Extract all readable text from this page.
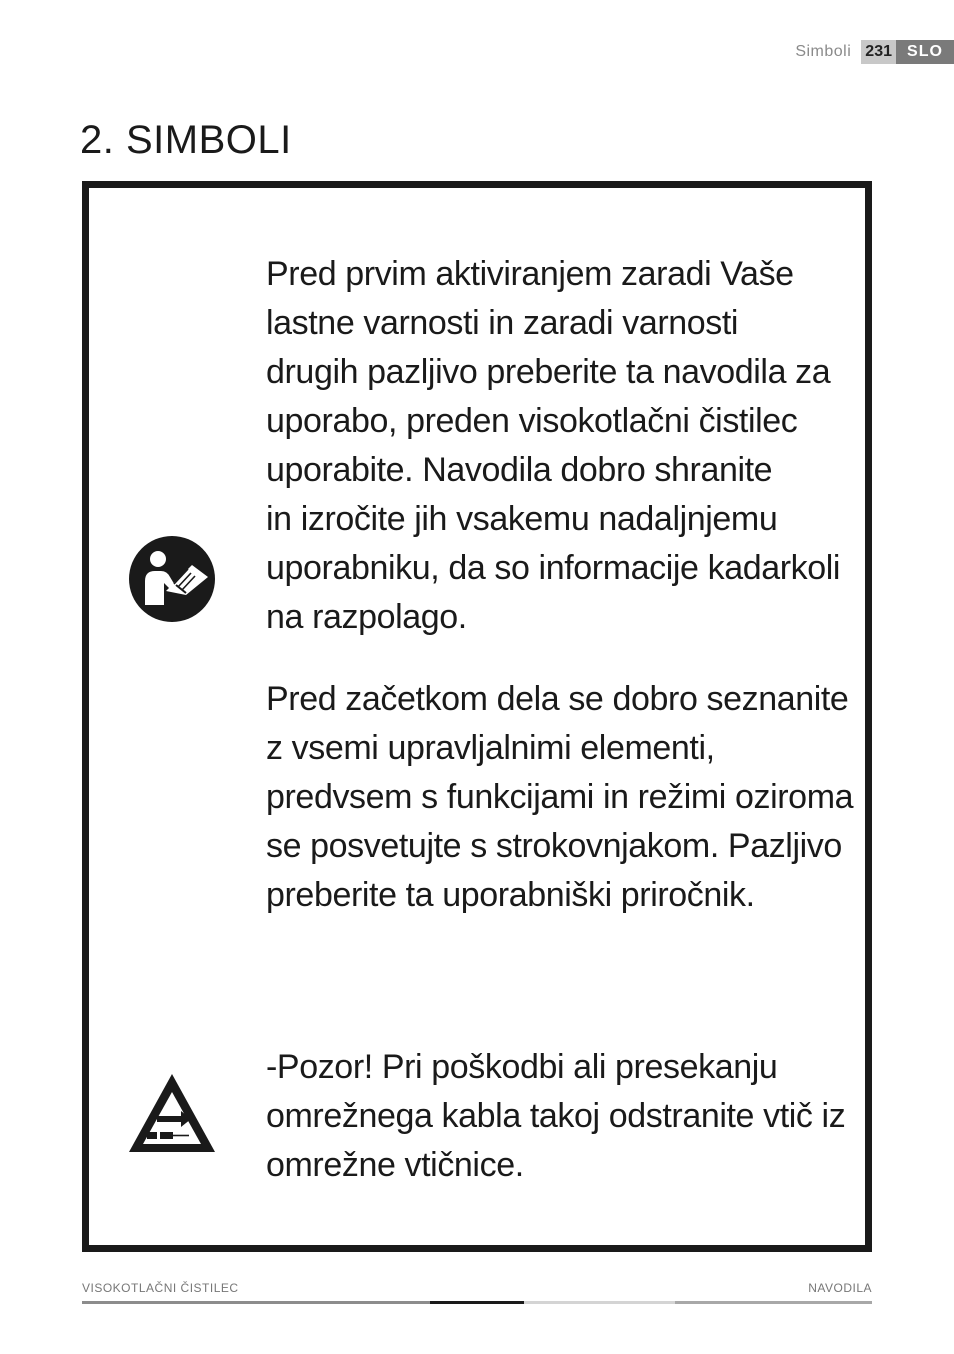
Simboli 231 SLO
2. SIMBOLI

Pred prvim aktiviranjem zaradi Vaše
lastne varnosti in zaradi varnosti
drugih pazljivo preberite ta navodila za
uporabo, preden visokotlačni čistilec
uporabite. Navodila dobro shranite
in izročite jih vsakemu nadaljnjemu
uporabniku, da so informacije kadarkoli
na razpolago.

Pred začetkom dela se dobro seznanite
z vsemi upravljalnimi elementi,
predvsem s funkcijami in režimi oziroma
se posvetujte s strokovnjakom. Pazljivo
preberite ta uporabniški priročnik.

-Pozor! Pri poškodbi ali presekanju
omrežnega kabla takoj odstranite vtič iz
omrežne vtičnice.

VISOKOTLAČNI ČISTILEC	NAVODILA
